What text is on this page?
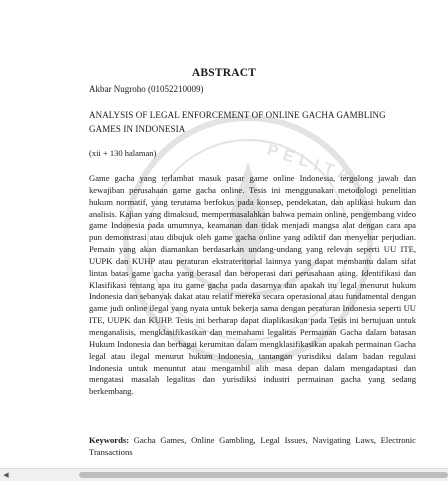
PELITA
ABSTRACT
Akbar Nugroho (01052210009)
ANALYSIS OF LEGAL ENFORCEMENT OF ONLINE GACHA GAMBLING GAMES IN INDONESIA
(xii + 130 halaman)
Game gacha yang terlambat masuk pasar game online Indonesia, tergolong jawab dan kewajiban perusahaan game gacha online. Tesis ini menggunakan metodologi penelitian hukum normatif, yang terutama berfokus pada konsep, pendekatan, dan aplikasi hukum dan analisis. Kajian yang dimaksud, mempermasalahkan bahwa pemain online, pengembang video game Indonesia pada umumnya, keamanan dan tidak menjadi mangsa alat dengan cara apa pun demonstrasi atau dibujuk oleh game gacha online yang adiktif dan menyebar perjudian. Pemain yang akan diamankan berdasarkan undang-undang yang relevan seperti UU ITE, UUPK dan KUHP atau peraturan ekstrateritorial lainnya yang dapat membantu dalam sifat lintas batas game gacha yang berasal dan beroperasi dari perusahaan asing. Identifikasi dan Klasifikasi tentang apa itu game gacha pada dasarnya dan apakah itu legal menurut hukum Indonesia dan sebanyak dakat atau relatif mereka secara operasional atau fundamental dengan game judi online ilegal yang nyata untuk bekerja sama dengan peraturan Indonesia seperti UU ITE, UUPK dan KUHP. Tesis ini berharap dapat diaplikasikan pada Tesis ini bertujuan untuk menganalisis, mengklasifikasikan dan memahami legalitas Permainan Gacha dalam batasan Hukum Indonesia dan berbagai kerumitan dalam mengklasifikasikan apakah permainan Gacha legal atau ilegal menurut hukum Indonesia, tantangan yurisdiksi dalam badan regulasi Indonesia untuk menuntut atau mengambil alih masa depan dalam mengadaptasi dan mengatasi masalah legalitas dan yurisdiksi industri permainan gacha yang sedang berkembang.
Keywords: Gacha Games, Online Gambling, Legal Issues, Navigating Laws, Electronic Transactions
◀
